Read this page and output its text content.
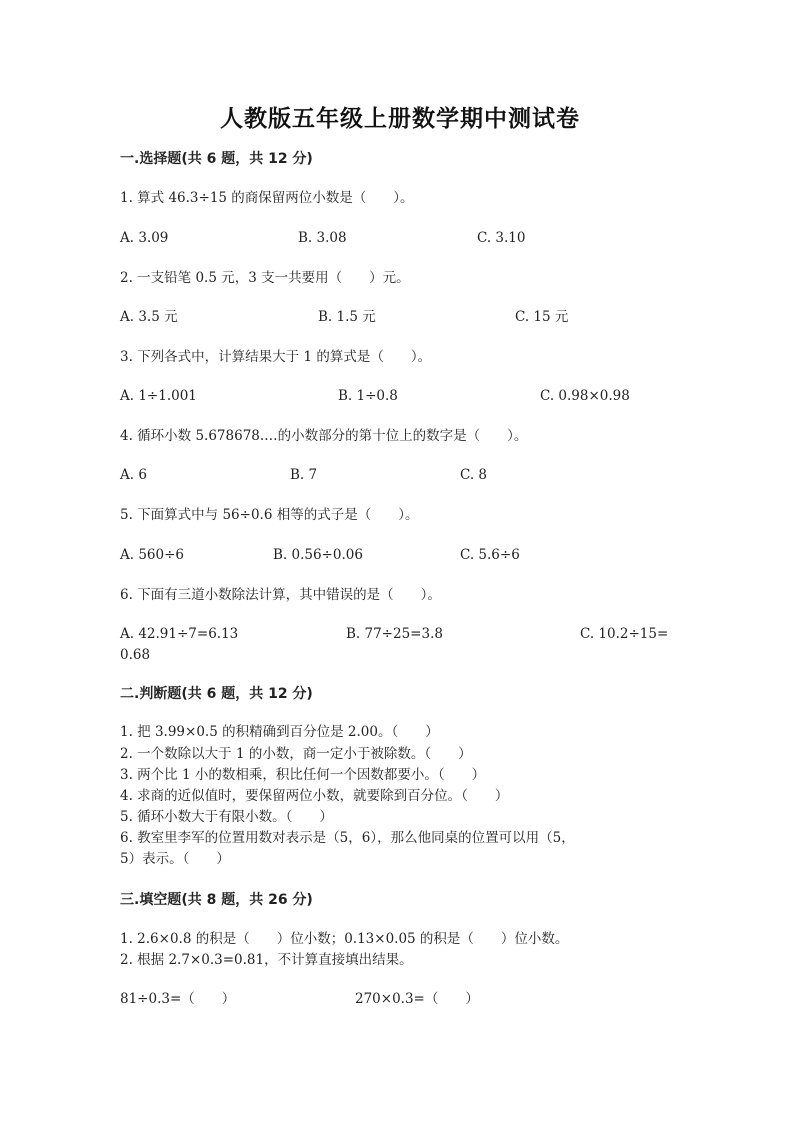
人教版五年级上册数学期中测试卷
一.选择题(共 6 题，共 12 分)
1. 算式 46.3÷15 的商保留两位小数是（　　）。
A. 3.09	B. 3.08	C. 3.10
2. 一支铅笔 0.5 元，3 支一共要用（　　）元。
A. 3.5 元	B. 1.5 元	C. 15 元
3. 下列各式中，计算结果大于 1 的算式是（　　）。
A. 1÷1.001	B. 1÷0.8	C. 0.98×0.98
4. 循环小数 5.678678.…的小数部分的第十位上的数字是（　　）。
A. 6	B. 7	C. 8
5. 下面算式中与 56÷0.6 相等的式子是（　　）。
A. 560÷6	B. 0.56÷0.06	C. 5.6÷6
6. 下面有三道小数除法计算，其中错误的是（　　）。
A. 42.91÷7=6.13	B. 77÷25=3.8	C. 10.2÷15=
0.68
二.判断题(共 6 题，共 12 分)
1. 把 3.99×0.5 的积精确到百分位是 2.00。（　　）
2. 一个数除以大于 1 的小数，商一定小于被除数。（　　）
3. 两个比 1 小的数相乘，积比任何一个因数都要小。（　　）
4. 求商的近似值时，要保留两位小数，就要除到百分位。（　　）
5. 循环小数大于有限小数。（　　）
6. 教室里李军的位置用数对表示是（5，6），那么他同桌的位置可以用（5，
5）表示。（　　）
三.填空题(共 8 题，共 26 分)
1. 2.6×0.8 的积是（　　）位小数；0.13×0.05 的积是（　　）位小数。
2. 根据 2.7×0.3=0.81，不计算直接填出结果。
81÷0.3=（　　）	270×0.3=（　　）
